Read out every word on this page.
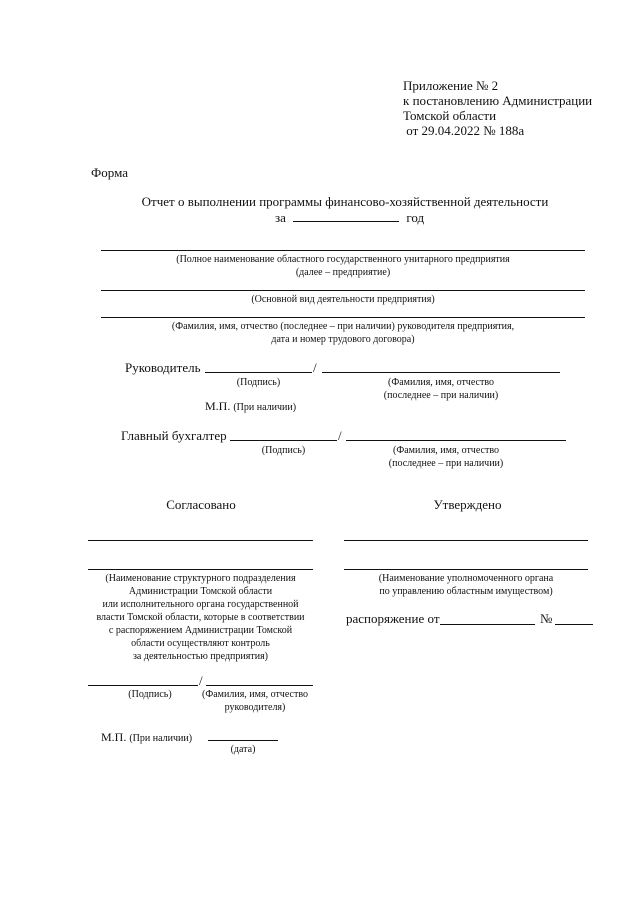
Приложение № 2
к постановлению Администрации
Томской области
от 29.04.2022 № 188а
Форма
Отчет о выполнении программы финансово-хозяйственной деятельности
за	год
(Полное наименование областного государственного унитарного предприятия
(далее – предприятие)
(Основной вид деятельности предприятия)
(Фамилия, имя, отчество (последнее – при наличии) руководителя предприятия,
дата и номер трудового договора)
Руководитель	/
(Подпись)	(Фамилия, имя, отчество
(последнее – при наличии)
М.П. (При наличии)
Главный бухгалтер	/
(Подпись)	(Фамилия, имя, отчество
(последнее – при наличии)
Согласовано
(Наименование структурного подразделения
Администрации Томской области
или исполнительного органа государственной
власти Томской области, которые в соответствии
с распоряжением Администрации Томской
области осуществляют контроль
за деятельностью предприятия)
/
(Подпись)	(Фамилия, имя, отчество
руководителя)
М.П. (При наличии)
(дата)
Утверждено
(Наименование уполномоченного органа
по управлению областным имуществом)
распоряжение от	№
